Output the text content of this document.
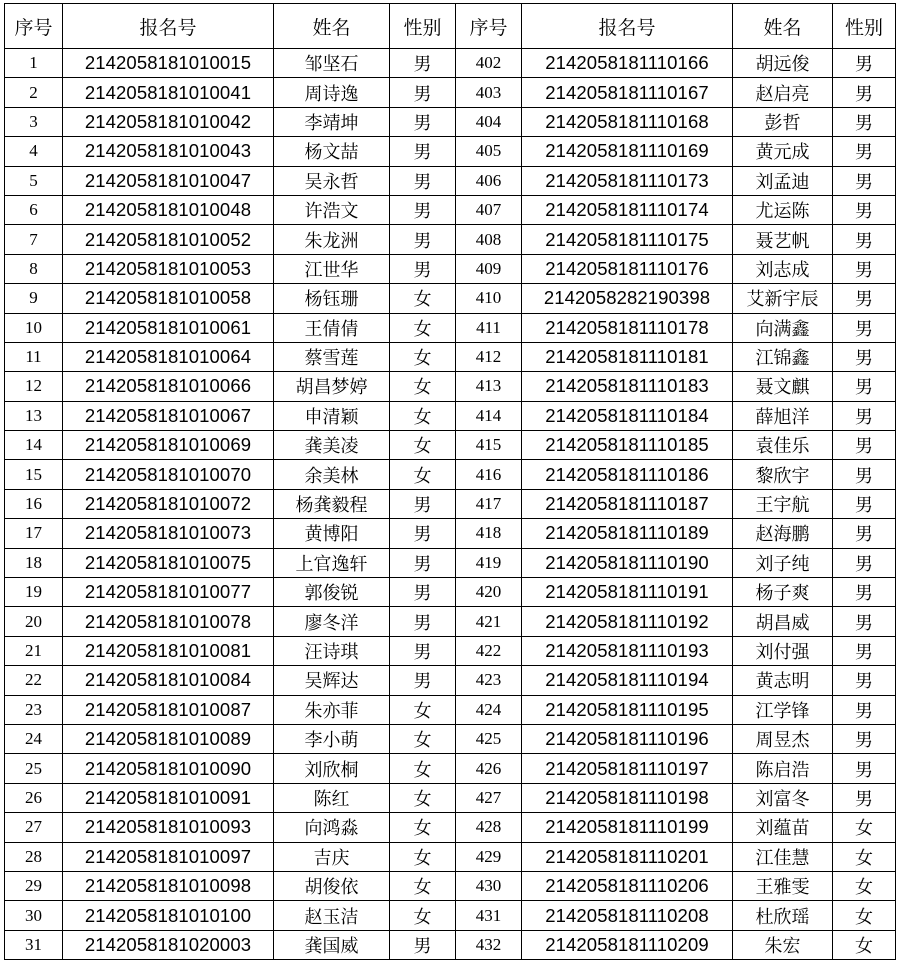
序号	报名号	姓名	性别	序号	报名号	姓名	性别
1	2142058181010015	邹坚石	男	402	2142058181110166	胡远俊	男
2	2142058181010041	周诗逸	男	403	2142058181110167	赵启亮	男
3	2142058181010042	李靖坤	男	404	2142058181110168	彭哲	男
4	2142058181010043	杨文喆	男	405	2142058181110169	黄元成	男
5	2142058181010047	吴永哲	男	406	2142058181110173	刘孟迪	男
6	2142058181010048	许浩文	男	407	2142058181110174	尤运陈	男
7	2142058181010052	朱龙洲	男	408	2142058181110175	聂艺帆	男
8	2142058181010053	江世华	男	409	2142058181110176	刘志成	男
9	2142058181010058	杨钰珊	女	410	2142058282190398	艾新宇辰	男
10	2142058181010061	王倩倩	女	411	2142058181110178	向满鑫	男
11	2142058181010064	蔡雪莲	女	412	2142058181110181	江锦鑫	男
12	2142058181010066	胡昌梦婷	女	413	2142058181110183	聂文麒	男
13	2142058181010067	申清颖	女	414	2142058181110184	薛旭洋	男
14	2142058181010069	龚美凌	女	415	2142058181110185	袁佳乐	男
15	2142058181010070	余美林	女	416	2142058181110186	黎欣宇	男
16	2142058181010072	杨龚毅程	男	417	2142058181110187	王宇航	男
17	2142058181010073	黄博阳	男	418	2142058181110189	赵海鹏	男
18	2142058181010075	上官逸轩	男	419	2142058181110190	刘子纯	男
19	2142058181010077	郭俊锐	男	420	2142058181110191	杨子爽	男
20	2142058181010078	廖冬洋	男	421	2142058181110192	胡昌威	男
21	2142058181010081	汪诗琪	男	422	2142058181110193	刘付强	男
22	2142058181010084	吴辉达	男	423	2142058181110194	黄志明	男
23	2142058181010087	朱亦菲	女	424	2142058181110195	江学锋	男
24	2142058181010089	李小萌	女	425	2142058181110196	周昱杰	男
25	2142058181010090	刘欣桐	女	426	2142058181110197	陈启浩	男
26	2142058181010091	陈红	女	427	2142058181110198	刘富冬	男
27	2142058181010093	向鸿淼	女	428	2142058181110199	刘蕴苗	女
28	2142058181010097	吉庆	女	429	2142058181110201	江佳慧	女
29	2142058181010098	胡俊依	女	430	2142058181110206	王雅雯	女
30	2142058181010100	赵玉洁	女	431	2142058181110208	杜欣瑶	女
31	2142058181020003	龚国威	男	432	2142058181110209	朱宏	女
